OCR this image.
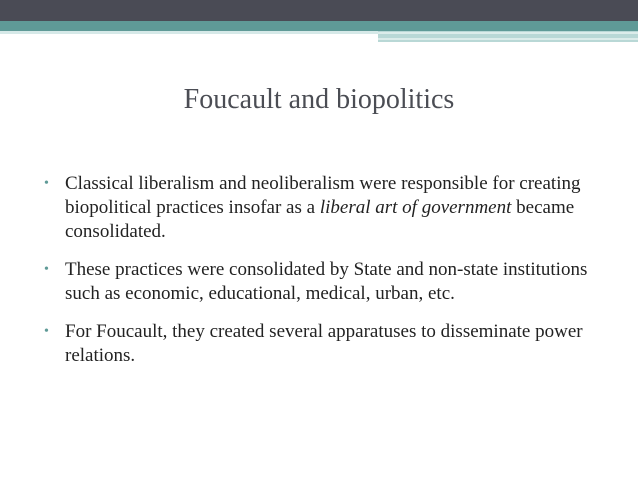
Foucault and biopolitics
• Classical liberalism and neoliberalism were responsible for creating biopolitical practices insofar as a liberal art of government became consolidated.
• These practices were consolidated by State and non-state institutions such as economic, educational, medical, urban, etc.
• For Foucault, they created several apparatuses to disseminate power relations.
